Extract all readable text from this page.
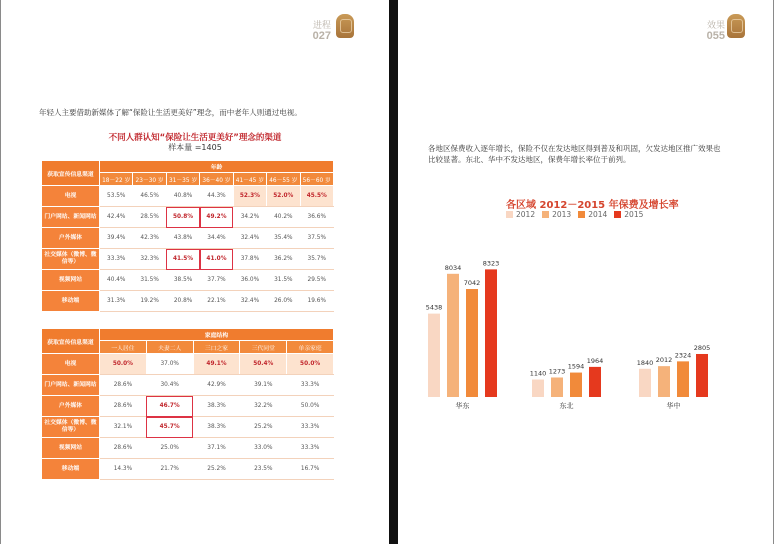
进程
027
年轻人主要借助新媒体了解“保险让生活更美好”理念，而中老年人则通过电视。
不同人群认知“保险让生活更美好”理念的渠道
样本量 =1405
获取宣传信息渠道	年龄						
	18－22 岁	23－30 岁	31－35 岁	36－40 岁	41－45 岁	46－55 岁	56－60 岁
电视	53.5%	46.5%	40.8%	44.3%	52.3%	52.0%	45.5%
门户网站、新闻网站	42.4%	28.5%	50.8%	49.2%	34.2%	40.2%	36.6%
户外媒体	39.4%	42.3%	43.8%	34.4%	32.4%	35.4%	37.5%
社交媒体（微博、微信等）	33.3%	32.3%	41.5%	41.0%	37.8%	36.2%	35.7%
视频网站	40.4%	31.5%	38.5%	37.7%	36.0%	31.5%	29.5%
移动端	31.3%	19.2%	20.8%	22.1%	32.4%	26.0%	19.6%
获取宣传信息渠道	家庭结构				
	一人居住	夫妻二人	三口之家	三代同堂	单亲家庭
电视	50.0%	37.0%	49.1%	50.4%	50.0%
门户网站、新闻网站	28.6%	30.4%	42.9%	39.1%	33.3%
户外媒体	28.6%	46.7%	38.3%	32.2%	50.0%
社交媒体（微博、微信等）	32.1%	45.7%	38.3%	25.2%	33.3%
视频网站	28.6%	25.0%	37.1%	33.0%	33.3%
移动端	14.3%	21.7%	25.2%	23.5%	16.7%
效果
055
各地区保费收入逐年增长，保险不仅在发达地区得到普及和巩固，欠发达地区推广效果也
比较显著。东北、华中不发达地区，保费年增长率位于前列。
各区域 2012－2015 年保费及增长率
2012 2013 2014 2015
5438
8034
7042
8323
华东
1140 1273
1594
1964
东北
1840 2012
2324
2805
华中
